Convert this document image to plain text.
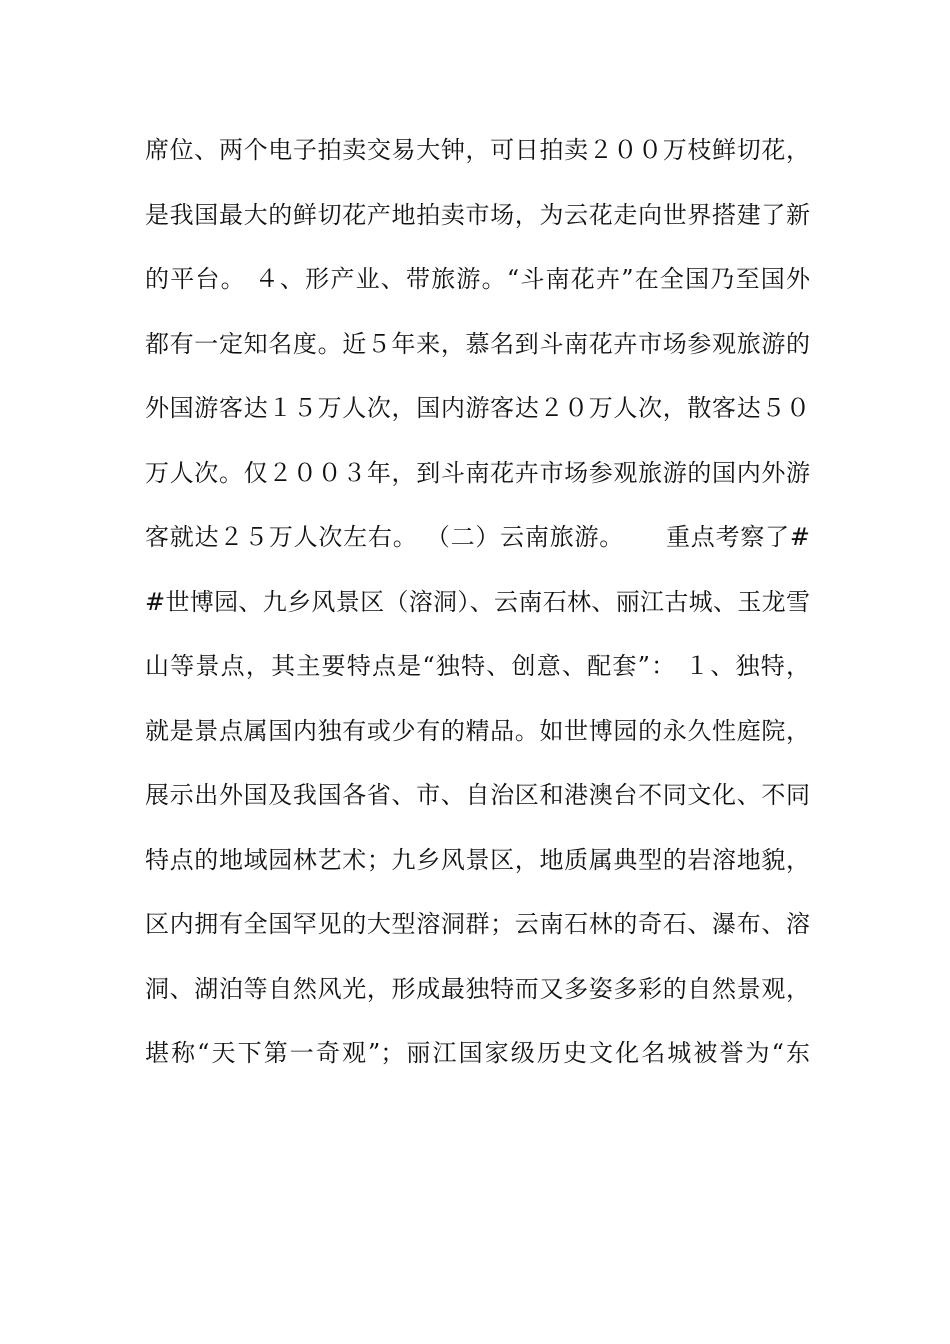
席位、两个电子拍卖交易大钟，可日拍卖２００万枝鲜切花，
是我国最大的鲜切花产地拍卖市场，为云花走向世界搭建了新
的平台。 ４、形产业、带旅游。“斗南花卉”在全国乃至国外
都有一定知名度。近５年来，慕名到斗南花卉市场参观旅游的
外国游客达１５万人次，国内游客达２０万人次，散客达５０
万人次。仅２００３年，到斗南花卉市场参观旅游的国内外游
客就达２５万人次左右。 （二）云南旅游。     重点考察了#
#世博园、九乡风景区（溶洞）、云南石林、丽江古城、玉龙雪
山等景点，其主要特点是“独特、创意、配套”： １、独特，
就是景点属国内独有或少有的精品。如世博园的永久性庭院，
展示出外国及我国各省、市、自治区和港澳台不同文化、不同
特点的地域园林艺术；九乡风景区，地质属典型的岩溶地貌，
区内拥有全国罕见的大型溶洞群；云南石林的奇石、瀑布、溶
洞、湖泊等自然风光，形成最独特而又多姿多彩的自然景观，
堪称“天下第一奇观”；丽江国家级历史文化名城被誉为“东
